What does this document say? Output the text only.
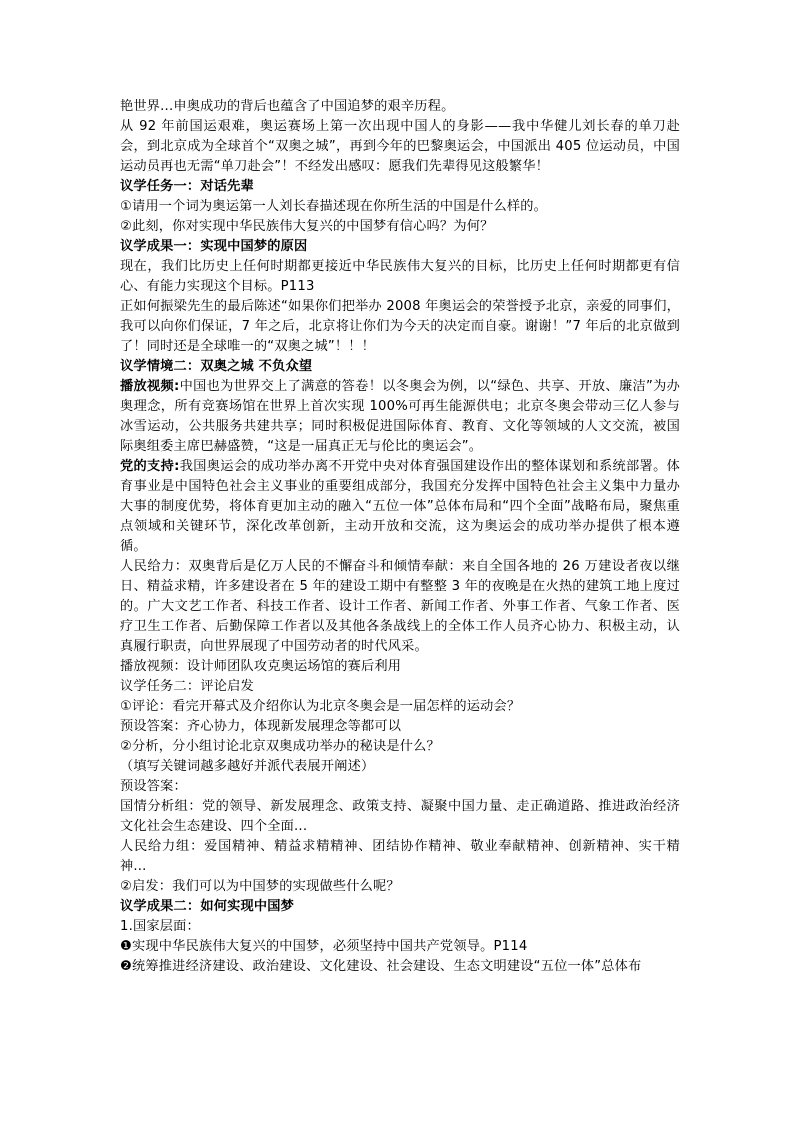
艳世界...申奥成功的背后也蕴含了中国追梦的艰辛历程。

从 92 年前国运艰难，奥运赛场上第一次出现中国人的身影——我中华健儿刘长春的单刀赴会，到北京成为全球首个“双奥之城”，再到今年的巴黎奥运会，中国派出 405 位运动员，中国运动员再也无需“单刀赴会”！不经发出感叹：愿我们先辈得见这般繁华！

议学任务一：对话先辈

①请用一个词为奥运第一人刘长春描述现在你所生活的中国是什么样的。

②此刻，你对实现中华民族伟大复兴的中国梦有信心吗？为何？

议学成果一：实现中国梦的原因

现在，我们比历史上任何时期都更接近中华民族伟大复兴的目标，比历史上任何时期都更有信心、有能力实现这个目标。P113

正如何振梁先生的最后陈述“如果你们把举办 2008 年奥运会的荣誉授予北京，亲爱的同事们，我可以向你们保证，7 年之后，北京将让你们为今天的决定而自豪。谢谢！”7 年后的北京做到了！同时还是全球唯一的“双奥之城”！！！

议学情境二：双奥之城 不负众望

播放视频:中国也为世界交上了满意的答卷！以冬奥会为例，以“绿色、共享、开放、廉洁”为办奥理念，所有竞赛场馆在世界上首次实现 100%可再生能源供电；北京冬奥会带动三亿人参与冰雪运动，公共服务共建共享；同时积极促进国际体育、教育、文化等领域的人文交流，被国际奥组委主席巴赫盛赞，“这是一届真正无与伦比的奥运会”。

党的支持:我国奥运会的成功举办离不开党中央对体育强国建设作出的整体谋划和系统部署。体育事业是中国特色社会主义事业的重要组成部分，我国充分发挥中国特色社会主义集中力量办大事的制度优势，将体育更加主动的融入“五位一体”总体布局和“四个全面”战略布局，聚焦重点领域和关键环节，深化改革创新，主动开放和交流，这为奥运会的成功举办提供了根本遵循。

人民给力：双奥背后是亿万人民的不懈奋斗和倾情奉献：来自全国各地的 26 万建设者夜以继日、精益求精，许多建设者在 5 年的建设工期中有整整 3 年的夜晚是在火热的建筑工地上度过的。广大文艺工作者、科技工作者、设计工作者、新闻工作者、外事工作者、气象工作者、医疗卫生工作者、后勤保障工作者以及其他各条战线上的全体工作人员齐心协力、积极主动，认真履行职责，向世界展现了中国劳动者的时代风采。

播放视频：设计师团队攻克奥运场馆的赛后利用

议学任务二：评论启发

①评论：看完开幕式及介绍你认为北京冬奥会是一届怎样的运动会？

预设答案：齐心协力，体现新发展理念等都可以

②分析，分小组讨论北京双奥成功举办的秘诀是什么？

（填写关键词越多越好并派代表展开阐述）

预设答案：

国情分析组：党的领导、新发展理念、政策支持、凝聚中国力量、走正确道路、推进政治经济文化社会生态建设、四个全面...

人民给力组：爱国精神、精益求精精神、团结协作精神、敬业奉献精神、创新精神、实干精神...

②启发：我们可以为中国梦的实现做些什么呢？

议学成果二：如何实现中国梦

1.国家层面：

❶实现中华民族伟大复兴的中国梦，必须坚持中国共产党领导。P114

❷统筹推进经济建设、政治建设、文化建设、社会建设、生态文明建设“五位一体”总体布
